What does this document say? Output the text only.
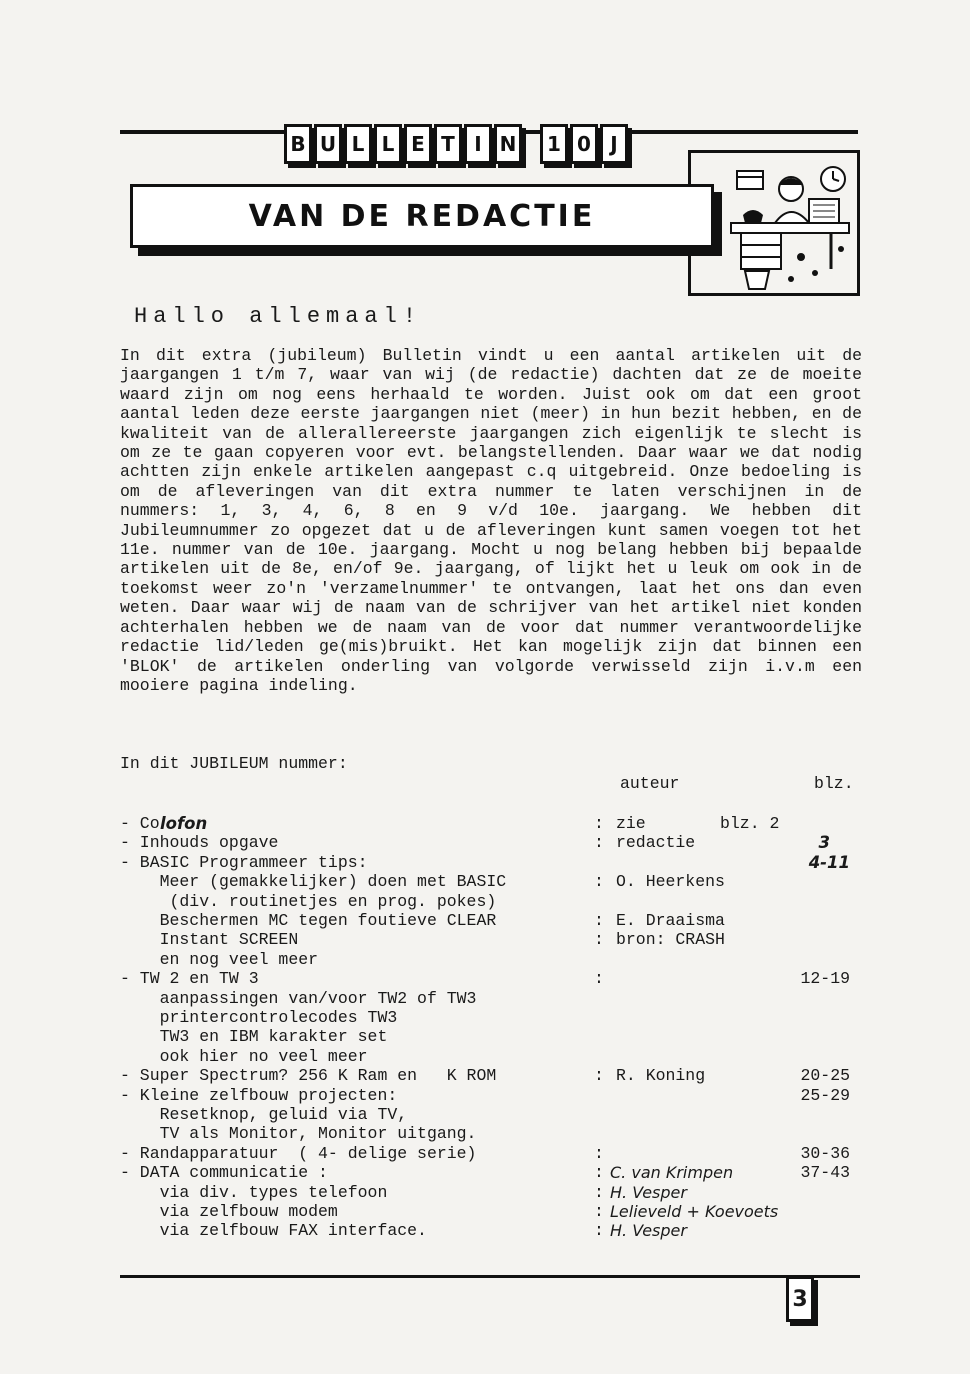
B U L L E T I N	1 0 J
VAN DE REDACTIE
Hallo allemaal!

In dit extra (jubileum) Bulletin vindt u een aantal artikelen uit de jaargangen 1 t/m 7, waar van wij (de redactie) dachten dat ze de moeite waard zijn om nog eens herhaald te worden. Juist ook om dat een groot aantal leden deze eerste jaargangen niet (meer) in hun bezit hebben, en de kwaliteit van de allerallereerste jaargangen zich eigenlijk te slecht is om ze te gaan copyeren voor evt. belangstellenden. Daar waar we dat nodig achtten zijn enkele artikelen aangepast c.q uitgebreid. Onze bedoeling is om de afleveringen van dit extra nummer te laten verschijnen in de nummers: 1, 3, 4, 6, 8 en 9 v/d 10e. jaargang. We hebben dit Jubileumnummer zo opgezet dat u de afleveringen kunt samen voegen tot het 11e. nummer van de 10e. jaargang. Mocht u nog belang hebben bij bepaalde artikelen uit de 8e, en/of 9e. jaargang, of lijkt het u leuk om ook in de toekomst weer zo'n 'verzamelnummer' te ontvangen, laat het ons dan even weten. Daar waar wij de naam van de schrijver van het artikel niet konden achterhalen hebben we de naam van de voor dat nummer verantwoordelijke redactie lid/leden ge(mis)bruikt. Het kan mogelijk zijn dat binnen een 'BLOK' de artikelen onderling van volgorde verwisseld zijn i.v.m een mooiere pagina indeling.

In dit JUBILEUM nummer:
auteur	blz.
- Co lofon	: zie	blz. 2
- Inhouds opgave	: redactie	3
- BASIC Programmeer tips:	4-11
Meer (gemakkelijker) doen met BASIC	: O. Heerkens
(div. routinetjes en prog. pokes)
Beschermen MC tegen foutieve CLEAR	: E. Draaisma
Instant SCREEN	: bron: CRASH
en nog veel meer
- TW 2 en TW 3	:	12-19
aanpassingen van/voor TW2 of TW3
printercontrolecodes TW3
TW3 en IBM karakter set
ook hier no veel meer
- Super Spectrum? 256 K Ram en   K ROM	: R. Koning	20-25
- Kleine zelfbouw projecten:	25-29
Resetknop, geluid via TV,
TV als Monitor, Monitor uitgang.
- Randapparatuur  ( 4- delige serie)	:	30-36
- DATA communicatie :	: C. van Krimpen	37-43
via div. types telefoon	: H. Vesper
via zelfbouw modem	: Lelieveld + Koevoets
via zelfbouw FAX interface.	: H. Vesper
3
